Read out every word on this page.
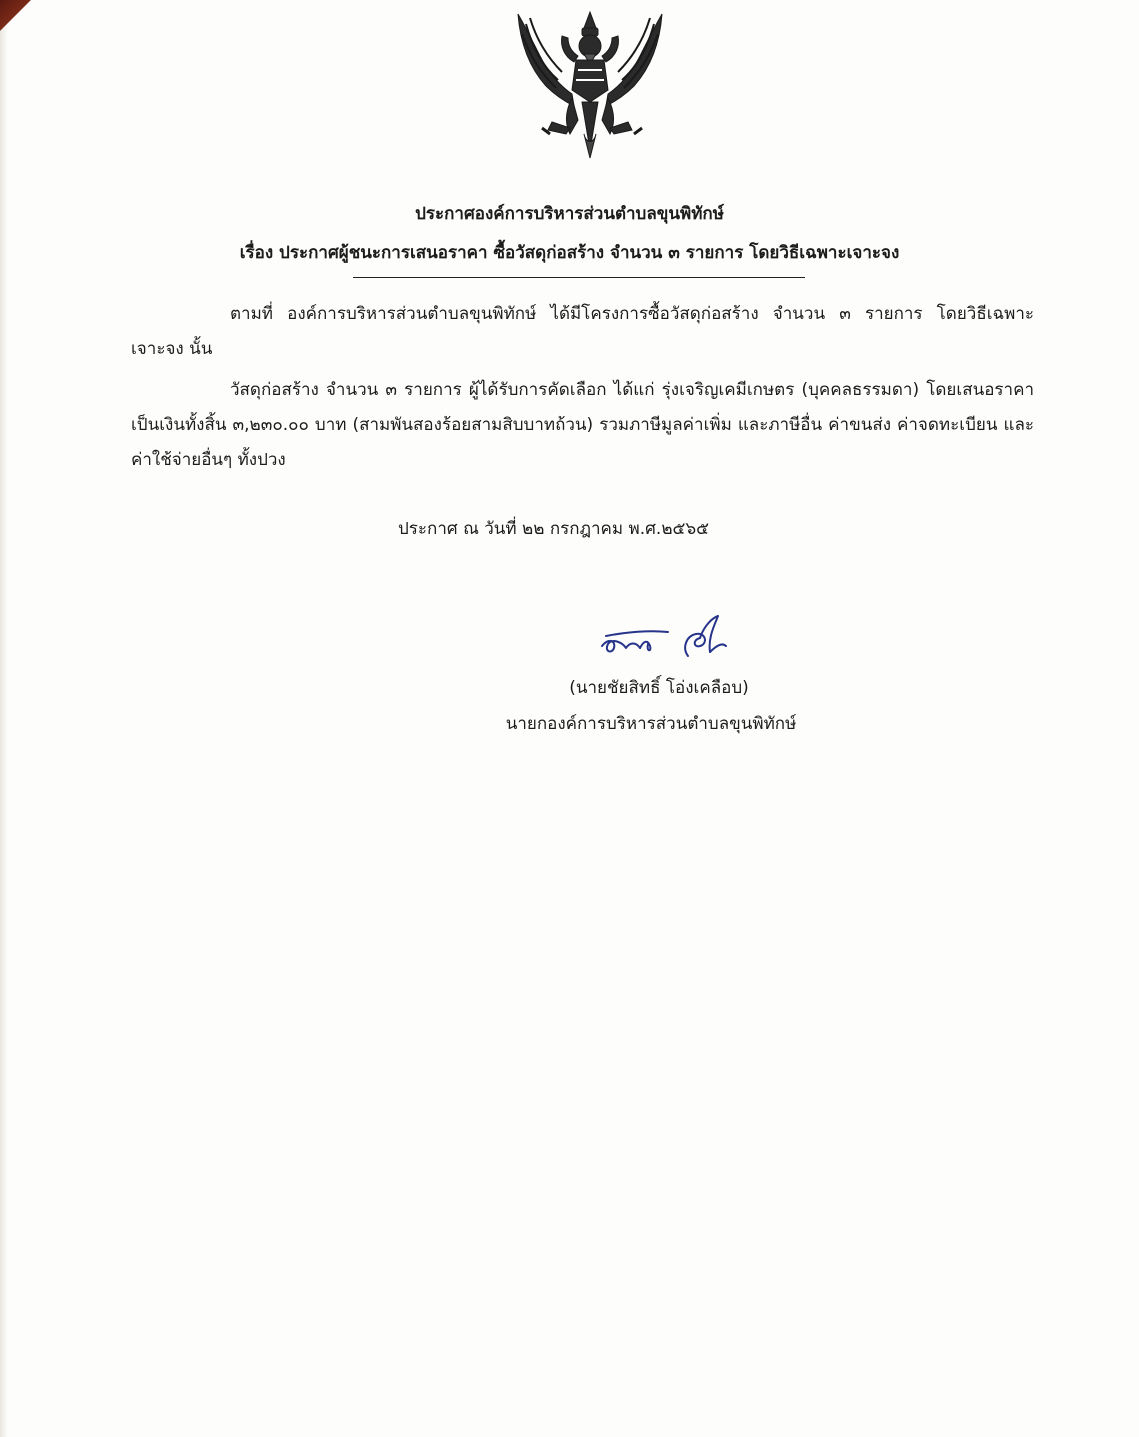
ประกาศองค์การบริหารส่วนตำบลขุนพิทักษ์
เรื่อง ประกาศผู้ชนะการเสนอราคา ซื้อวัสดุก่อสร้าง จำนวน ๓ รายการ โดยวิธีเฉพาะเจาะจง
ตามที่ องค์การบริหารส่วนตำบลขุนพิทักษ์ ได้มีโครงการซื้อวัสดุก่อสร้าง จำนวน ๓ รายการ โดยวิธีเฉพาะเจาะจง นั้น
วัสดุก่อสร้าง จำนวน ๓ รายการ ผู้ได้รับการคัดเลือก ได้แก่ รุ่งเจริญเคมีเกษตร (บุคคลธรรมดา) โดยเสนอราคา เป็นเงินทั้งสิ้น ๓,๒๓๐.๐๐ บาท (สามพันสองร้อยสามสิบบาทถ้วน) รวมภาษีมูลค่าเพิ่ม และภาษีอื่น ค่าขนส่ง ค่าจดทะเบียน และค่าใช้จ่ายอื่นๆ ทั้งปวง
ประกาศ ณ วันที่ ๒๒ กรกฎาคม พ.ศ.๒๕๖๕
(นายชัยสิทธิ์ โอ่งเคลือบ)
นายกองค์การบริหารส่วนตำบลขุนพิทักษ์
